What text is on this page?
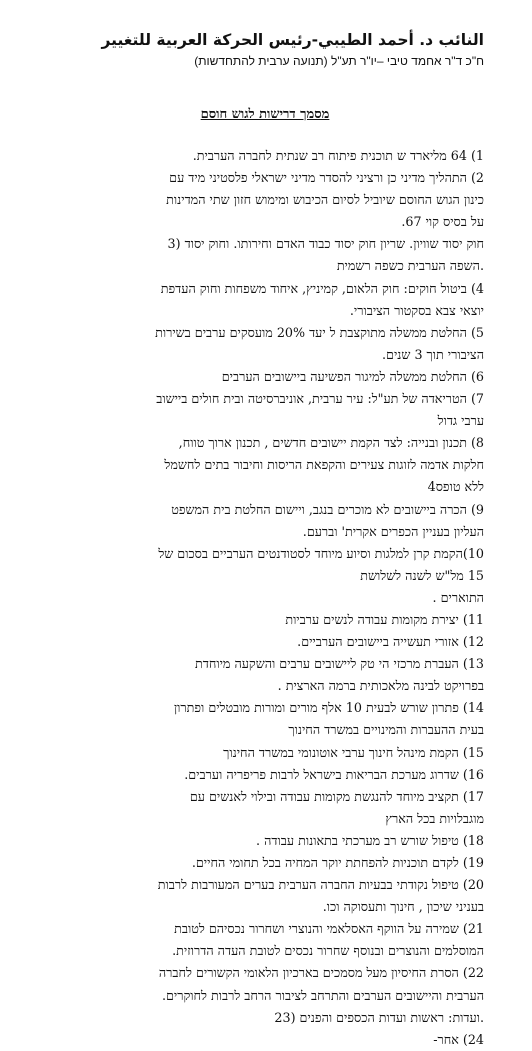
النائب د. أحمد الطيبي-رئيس الحركة العربية للتغيير
ח"כ ד"ר אחמד טיבי –יו"ר תע"ל (תנועה ערבית להתחדשות)
מסמך דרישות לגוש חוסם

1) 64 מליארד ש תוכנית פיתוח רב שנתית לחברה הערבית.

2) התהליך מדיני כן ורציני להסדר מדיני ישראלי פלסטיני מיד עם

כינון הגוש החוסם שיוביל לסיום הכיבוש ומימוש חזון שתי המדינות

על בסיס קוי 67.

חוק יסוד שוויון. שריון חוק יסוד כבוד האדם וחירותו. וחוק יסוד (3

.השפה הערבית כשפה רשמית

4) ביטול חוקים: חוק הלאום, קמיניץ, איחוד משפחות וחוק העדפת

יוצאי צבא בסקטור הציבורי.

5) החלטת ממשלה מתוקצבת ל יעד 20% מועסקים ערבים בשירות

הציבורי תוך 3 שנים.

6) החלטת ממשלה למיגור הפשיעה ביישובים הערבים

7) הטריאדה של תע"ל: עיר ערבית, אוניברסיטה ובית חולים ביישוב

ערבי גדול

8) תכנון ובנייה: לצד הקמת יישובים חדשים , תכנון ארוך טווח,

חלקות אדמה לזוגות צעירים והקפאת הריסות וחיבור בתים לחשמל

ללא טופס4

9) הכרה ביישובים לא מוכרים בנגב, ויישום החלטת בית המשפט

העליון בעניין הכפרים אקרית' וברעם.

10)הקמת קרן למלגות וסיוע מיוחד לסטודנטים הערביים בסכום של

15 מל"ש לשנה לשלושת

התוארים .

11) יצירת מקומות עבודה לנשים ערביות

12) אזורי תעשייה ביישובים הערביים.

13) העברת מרכזי הי טק ליישובים ערבים והשקעה מיוחדת

בפרויקט לבינה מלאכותית ברמה הארצית .

14) פתרון שורש לבעית 10 אלף מורים ומורות מובטלים ופתרון

בעית ההעברות והמינויים במשרד החינוך

15) הקמת מינהל חינוך ערבי אוטונומי במשרד החינוך

16) שדרוג מערכת הבריאות בישראל לרבות פריפריה וערבים.

17) תקציב מיוחד להנגשת מקומות עבודה ובילוי לאנשים עם

מוגבלויות בכל הארץ

18) טיפול שורש רב מערכתי בתאונות עבודה .

19) לקדם תוכניות להפחתת יוקר המחיה בכל תחומי החיים.

20) טיפול נקודתי בבעיות החברה הערבית בערים המעורבות לרבות

בעניני שיכון , חינוך ותעסוקה וכו.

21) שמירה על הווקף האסלאמי והנוצרי ושחרור נכסיהם לטובת

המוסלמים והנוצרים ובנוסף שחרור נכסים לטובת העדה הדרוזית.

22) הסרת החיסיון מעל מסמכים בארכיון הלאומי הקשורים לחברה

הערבית והיישובים הערבים והתרחב לציבור הרחב לרבות לחוקרים.

.ועדות: ראשות ועדות הכספים והפנים (23

24) אחר-
